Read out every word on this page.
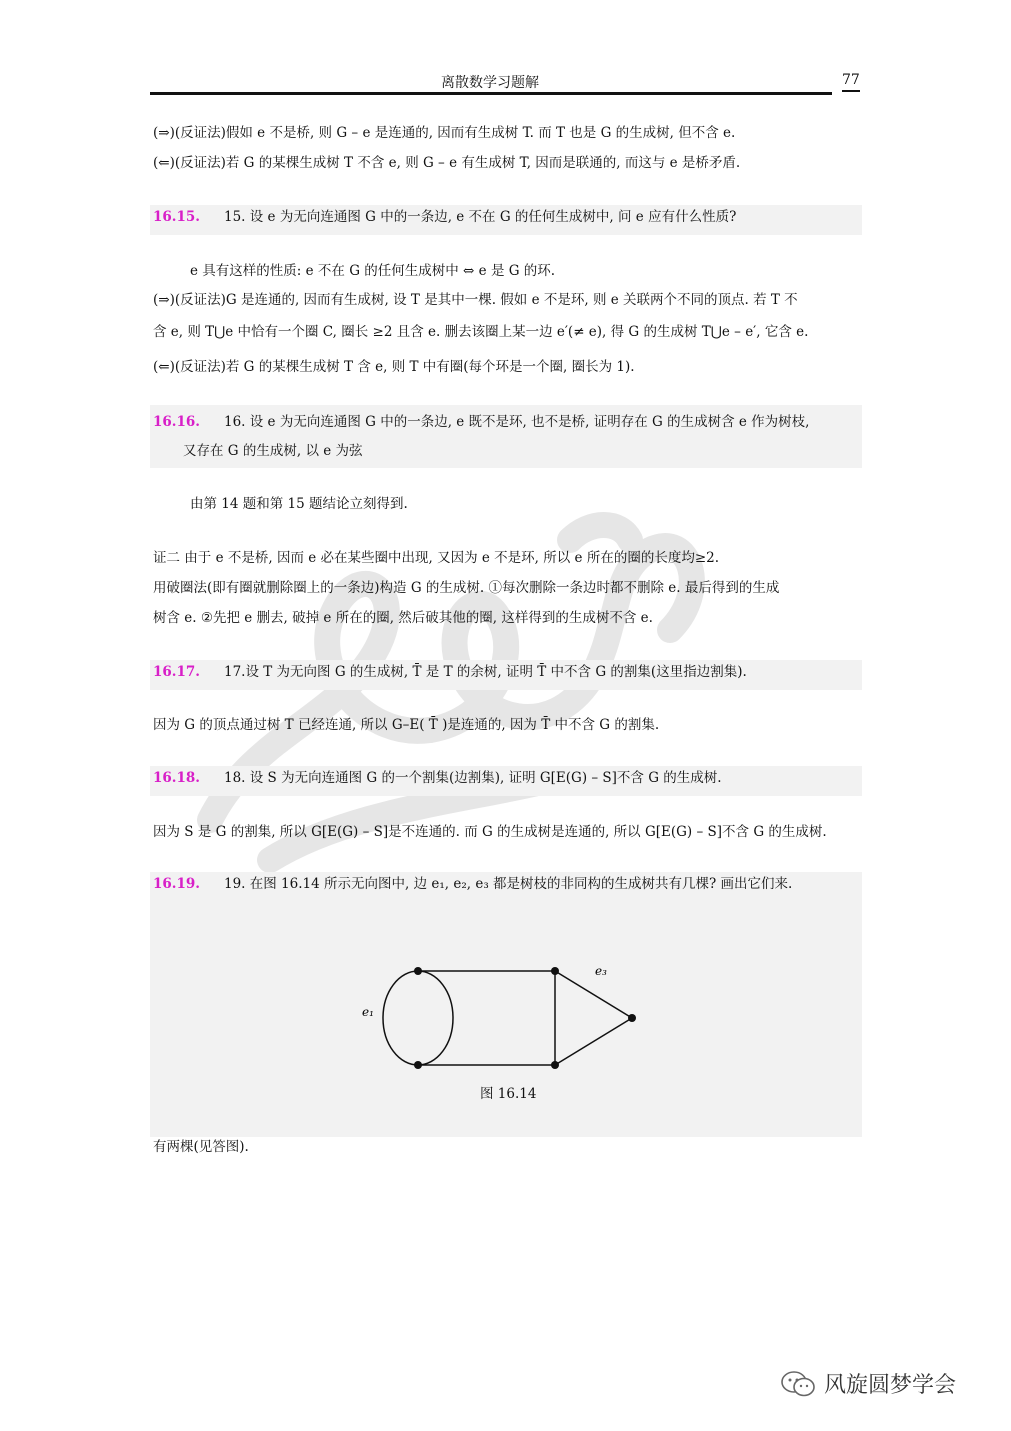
离散数学习题解	77
(⇒)(反证法)假如 e 不是桥, 则 G – e 是连通的, 因而有生成树 T. 而 T 也是 G 的生成树, 但不含 e.
(⇐)(反证法)若 G 的某棵生成树 T 不含 e, 则 G – e 有生成树 T, 因而是联通的, 而这与 e 是桥矛盾.
16.15. 15. 设 e 为无向连通图 G 中的一条边, e 不在 G 的任何生成树中, 问 e 应有什么性质?
e 具有这样的性质: e 不在 G 的任何生成树中 ⇔ e 是 G 的环.
(⇒)(反证法)G 是连通的, 因而有生成树, 设 T 是其中一棵. 假如 e 不是环, 则 e 关联两个不同的顶点. 若 T 不
含 e, 则 T⋃e 中恰有一个圈 C, 圈长 ≥2 且含 e. 删去该圈上某一边 e′(≠ e), 得 G 的生成树 T⋃e – e′, 它含 e.
(⇐)(反证法)若 G 的某棵生成树 T 含 e, 则 T 中有圈(每个环是一个圈, 圈长为 1).
16.16. 16. 设 e 为无向连通图 G 中的一条边, e 既不是环, 也不是桥, 证明存在 G 的生成树含 e 作为树枝,
又存在 G 的生成树, 以 e 为弦
由第 14 题和第 15 题结论立刻得到.
证二 由于 e 不是桥, 因而 e 必在某些圈中出现, 又因为 e 不是环, 所以 e 所在的圈的长度均≥2.
用破圈法(即有圈就删除圈上的一条边)构造 G 的生成树. ①每次删除一条边时都不删除 e. 最后得到的生成
树含 e. ②先把 e 删去, 破掉 e 所在的圈, 然后破其他的圈, 这样得到的生成树不含 e.
16.17. 17.设 T 为无向图 G 的生成树, T̄ 是 T 的余树, 证明 T̄ 中不含 G 的割集(这里指边割集).
因为 G 的顶点通过树 T 已经连通, 所以 G–E( T̄ )是连通的, 因为 T̄ 中不含 G 的割集.
16.18. 18. 设 S 为无向连通图 G 的一个割集(边割集), 证明 G[E(G) – S]不含 G 的生成树.
因为 S 是 G 的割集, 所以 G[E(G) – S]是不连通的. 而 G 的生成树是连通的, 所以 G[E(G) – S]不含 G 的生成树.
16.19. 19. 在图 16.14 所示无向图中, 边 e₁, e₂, e₃ 都是树枝的非同构的生成树共有几棵? 画出它们来.
e₁
e₃
图 16.14
有两棵(见答图).
风旋圆梦学会
